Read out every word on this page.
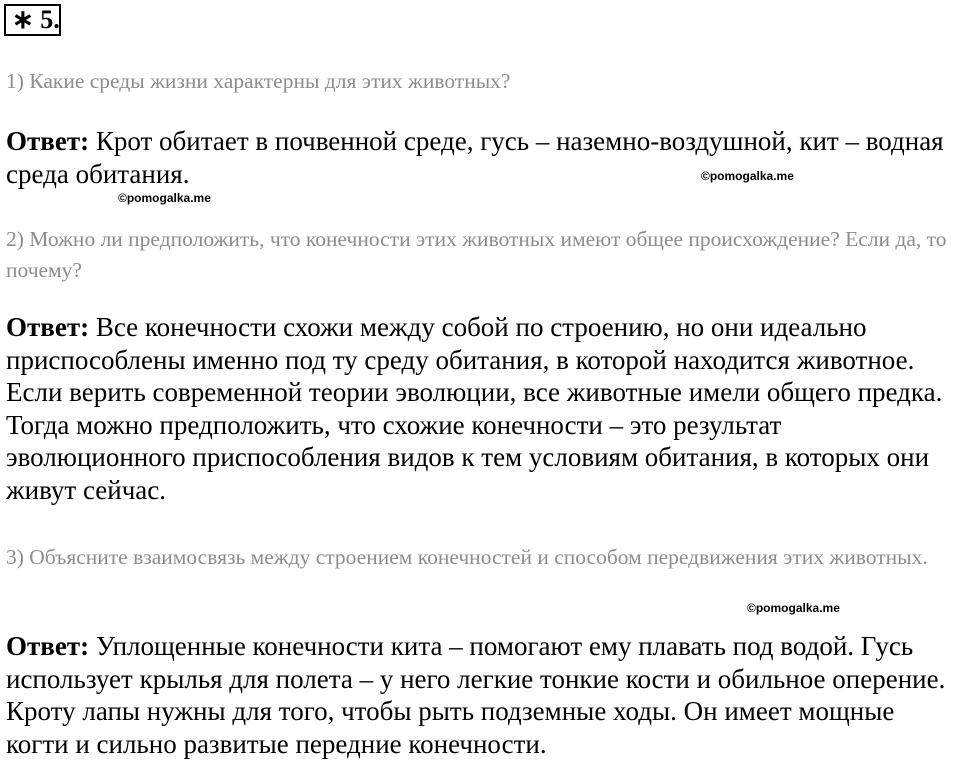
∗ 5.

1) Какие среды жизни характерны для этих животных?

Ответ: Крот обитает в почвенной среде, гусь – наземно-воздушной, кит – водная среда обитания.	©pomogalka.me
©pomogalka.me

2) Можно ли предположить, что конечности этих животных имеют общее происхождение? Если да, то почему?

Ответ: Все конечности схожи между собой по строению, но они идеально приспособлены именно под ту среду обитания, в которой находится животное. Если верить современной теории эволюции, все животные имели общего предка. Тогда можно предположить, что схожие конечности – это результат эволюционного приспособления видов к тем условиям обитания, в которых они живут сейчас.

3) Объясните взаимосвязь между строением конечностей и способом передвижения этих животных.

©pomogalka.me

Ответ: Уплощенные конечности кита – помогают ему плавать под водой. Гусь использует крылья для полета – у него легкие тонкие кости и обильное оперение. Кроту лапы нужны для того, чтобы рыть подземные ходы. Он имеет мощные когти и сильно развитые передние конечности.
